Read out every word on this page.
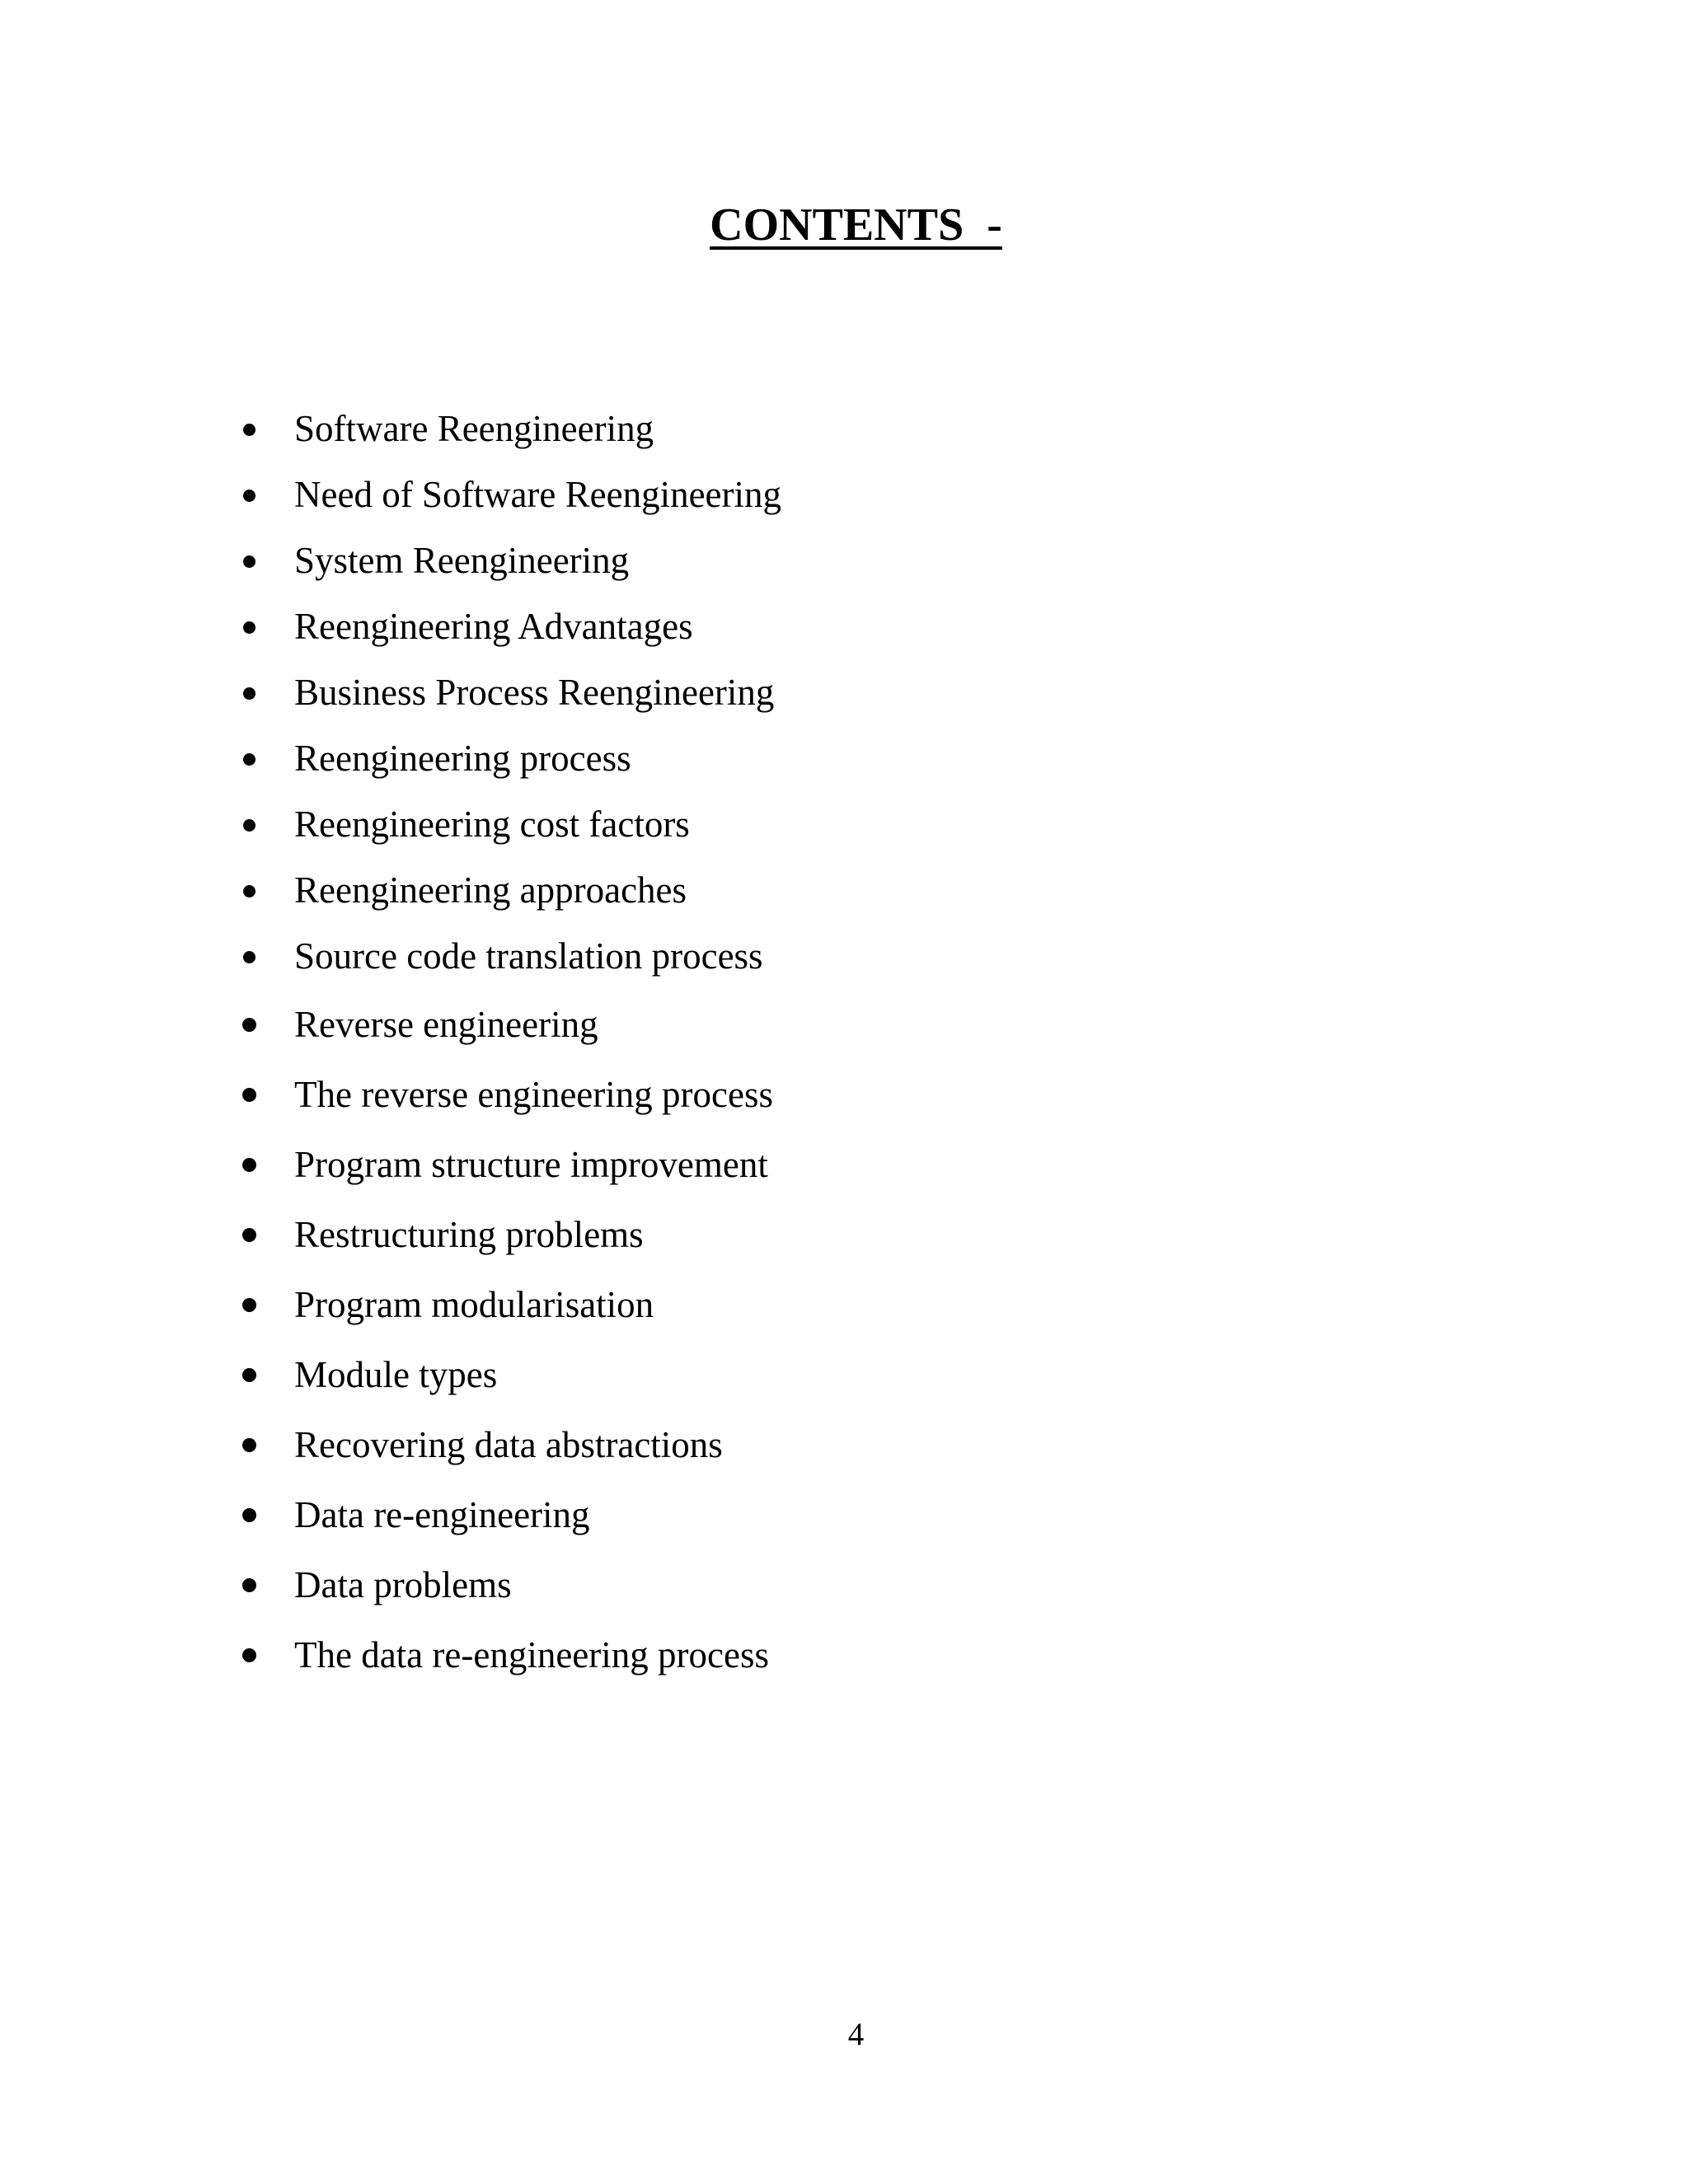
CONTENTS  -
Software Reengineering
Need of Software Reengineering
System Reengineering
Reengineering Advantages
Business Process Reengineering
Reengineering process
Reengineering cost factors
Reengineering approaches
Source code translation process
Reverse engineering
The reverse engineering process
Program structure improvement
Restructuring problems
Program modularisation
Module types
Recovering data abstractions
Data re-engineering
Data problems
The data re-engineering process
4
